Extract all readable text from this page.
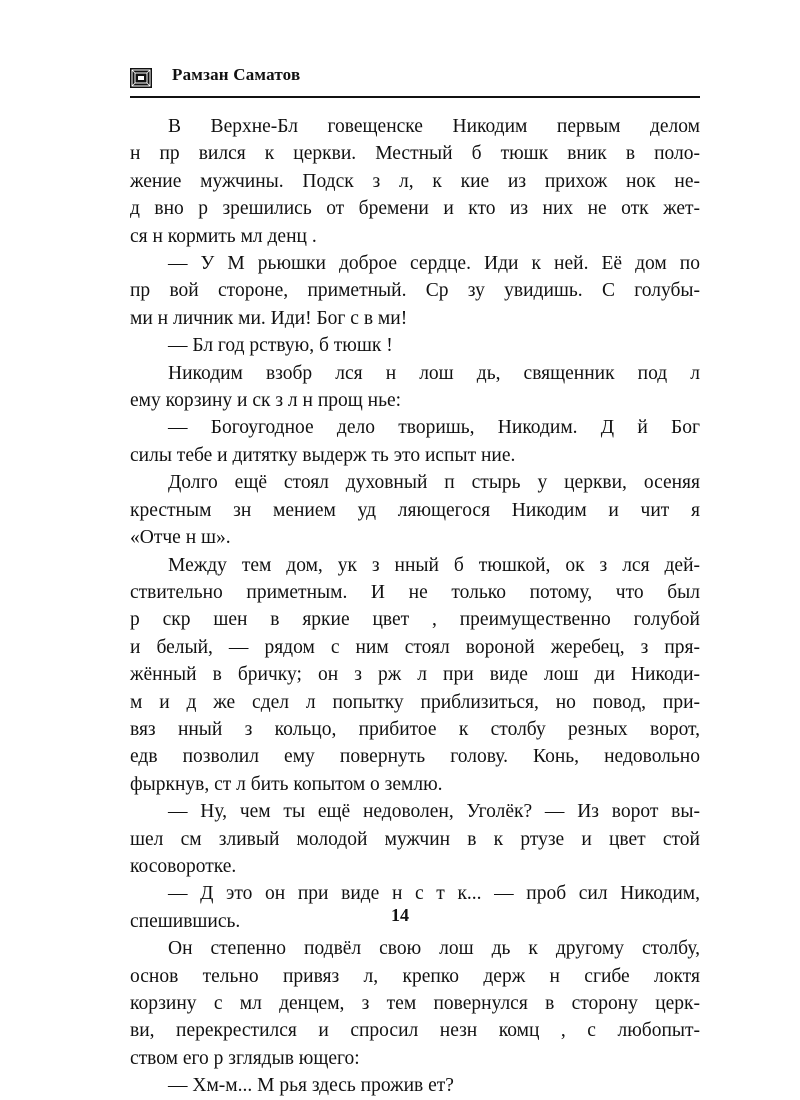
Рамзан Саматов

В Верхне-Бл говещенске Никодим первым делом

н пр вился к церкви. Местный б тюшк вник в поло-

жение мужчины. Подск з л, к кие из прихож нок не-

д вно р зрешились от бремени и кто из них не отк жет-

ся н кормить мл денц .

— У М рьюшки доброе сердце. Иди к ней. Её дом по

пр вой стороне, приметный. Ср зу увидишь. С голубы-

ми н личник ми. Иди! Бог с в ми!

— Бл год рствую, б тюшк !

Никодим взобр лся н лош дь, священник под л

ему корзину и ск з л н прощ нье:

— Богоугодное дело творишь, Никодим. Д й Бог

силы тебе и дитятку выдерж ть это испыт ние.

Долго ещё стоял духовный п стырь у церкви, осеняя

крестным зн мением уд ляющегося Никодим и чит я

«Отче н ш».

Между тем дом, ук з нный б тюшкой, ок з лся дей-

ствительно приметным. И не только потому, что был

р скр шен в яркие цвет , преимущественно голубой

и белый, — рядом с ним стоял вороной жеребец, з пря-

жённый в бричку; он з рж л при виде лош ди Никоди-

м и д же сдел л попытку приблизиться, но повод, при-

вяз нный з кольцо, прибитое к столбу резных ворот,

едв позволил ему повернуть голову. Конь, недовольно

фыркнув, ст л бить копытом о землю.

— Ну, чем ты ещё недоволен, Уголёк? — Из ворот вы-

шел см зливый молодой мужчин в к ртузе и цвет стой

косоворотке.

— Д это он при виде н с т к... — проб сил Никодим,

спешившись.

Он степенно подвёл свою лош дь к другому столбу,

основ тельно привяз л, крепко держ н сгибе локтя

корзину с мл денцем, з тем повернулся в сторону церк-

ви, перекрестился и спросил незн комц , с любопыт-

ством его р зглядыв ющего:

— Хм-м... М рья здесь прожив ет?

14
